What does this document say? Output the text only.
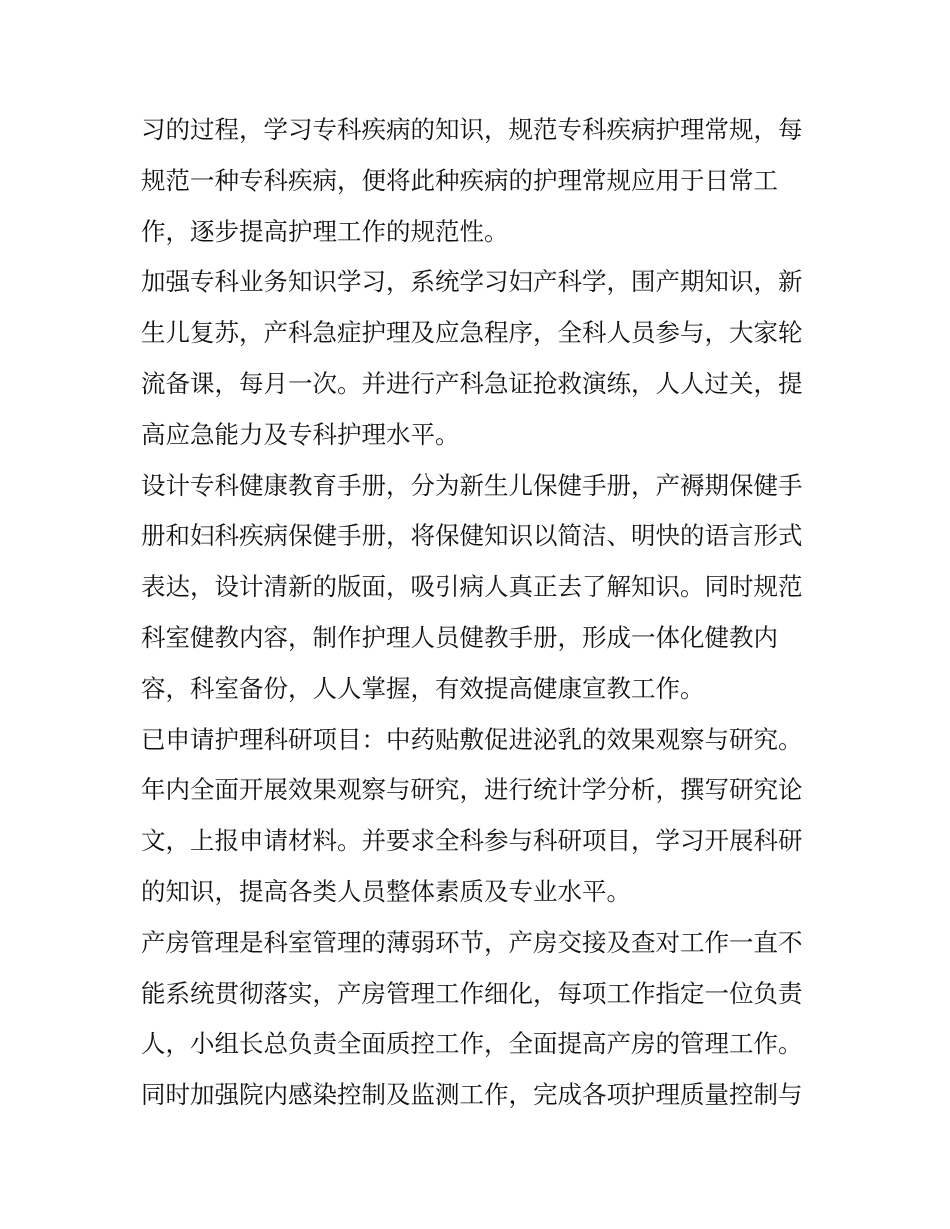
习的过程，学习专科疾病的知识，规范专科疾病护理常规，每
规范一种专科疾病，便将此种疾病的护理常规应用于日常工
作，逐步提高护理工作的规范性。
加强专科业务知识学习，系统学习妇产科学，围产期知识，新
生儿复苏，产科急症护理及应急程序，全科人员参与，大家轮
流备课，每月一次。并进行产科急证抢救演练，人人过关，提
高应急能力及专科护理水平。
设计专科健康教育手册，分为新生儿保健手册，产褥期保健手
册和妇科疾病保健手册，将保健知识以简洁、明快的语言形式
表达，设计清新的版面，吸引病人真正去了解知识。同时规范
科室健教内容，制作护理人员健教手册，形成一体化健教内
容，科室备份，人人掌握，有效提高健康宣教工作。
已申请护理科研项目：中药贴敷促进泌乳的效果观察与研究。
年内全面开展效果观察与研究，进行统计学分析，撰写研究论
文，上报申请材料。并要求全科参与科研项目，学习开展科研
的知识，提高各类人员整体素质及专业水平。
产房管理是科室管理的薄弱环节，产房交接及查对工作一直不
能系统贯彻落实，产房管理工作细化，每项工作指定一位负责
人，小组长总负责全面质控工作，全面提高产房的管理工作。
同时加强院内感染控制及监测工作，完成各项护理质量控制与
